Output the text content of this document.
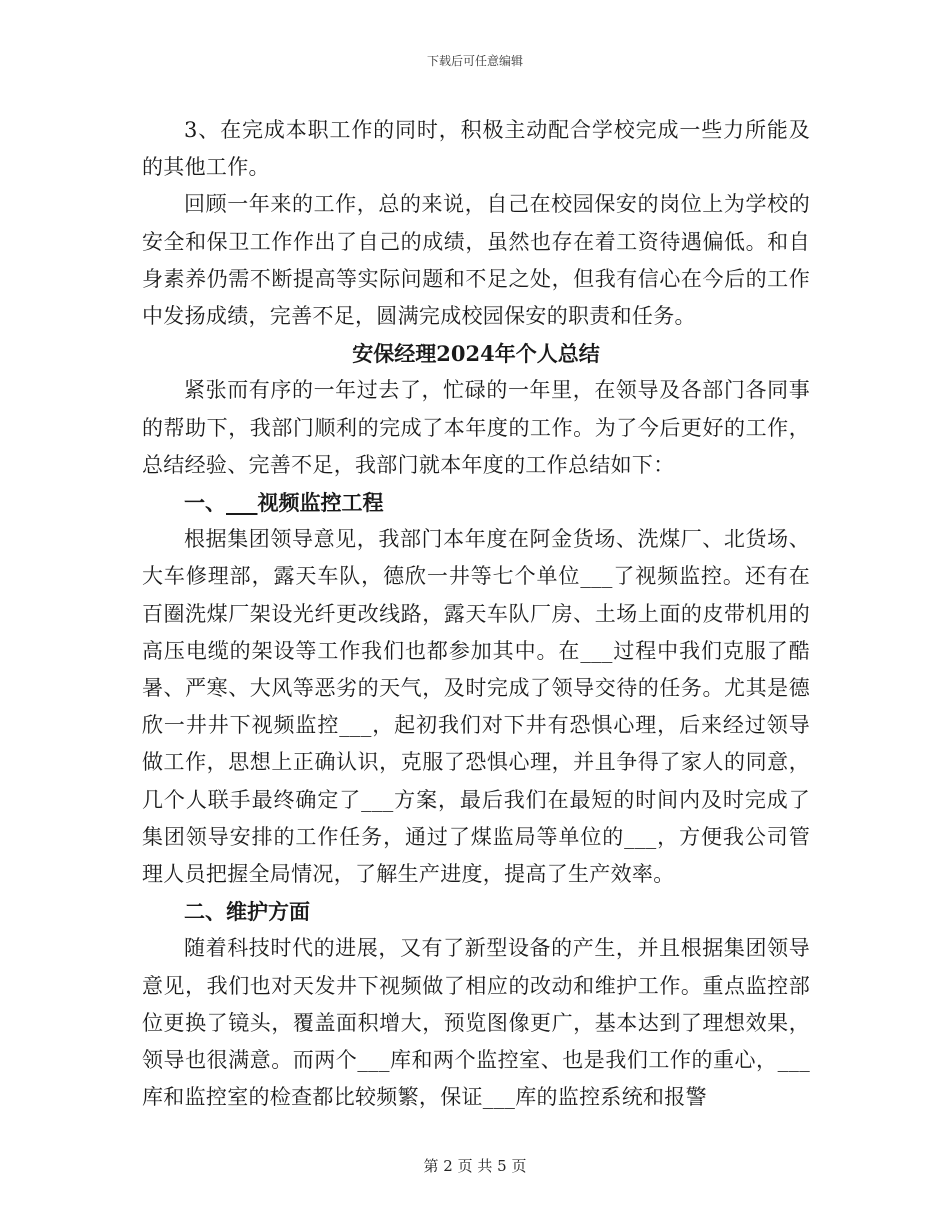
下载后可任意编辑

3、在完成本职工作的同时，积极主动配合学校完成一些力所能及的其他工作。

回顾一年来的工作，总的来说，自己在校园保安的岗位上为学校的安全和保卫工作作出了自己的成绩，虽然也存在着工资待遇偏低。和自身素养仍需不断提高等实际问题和不足之处，但我有信心在今后的工作中发扬成绩，完善不足，圆满完成校园保安的职责和任务。

安保经理2024年个人总结

紧张而有序的一年过去了，忙碌的一年里，在领导及各部门各同事的帮助下，我部门顺利的完成了本年度的工作。为了今后更好的工作，总结经验、完善不足，我部门就本年度的工作总结如下：

一、___视频监控工程

根据集团领导意见，我部门本年度在阿金货场、洗煤厂、北货场、大车修理部，露天车队，德欣一井等七个单位___了视频监控。还有在百圈洗煤厂架设光纤更改线路，露天车队厂房、土场上面的皮带机用的高压电缆的架设等工作我们也都参加其中。在___过程中我们克服了酷暑、严寒、大风等恶劣的天气，及时完成了领导交待的任务。尤其是德欣一井井下视频监控___，起初我们对下井有恐惧心理，后来经过领导做工作，思想上正确认识，克服了恐惧心理，并且争得了家人的同意，几个人联手最终确定了___方案，最后我们在最短的时间内及时完成了集团领导安排的工作任务，通过了煤监局等单位的___，方便我公司管理人员把握全局情况，了解生产进度，提高了生产效率。

二、维护方面

随着科技时代的进展，又有了新型设备的产生，并且根据集团领导意见，我们也对天发井下视频做了相应的改动和维护工作。重点监控部位更换了镜头，覆盖面积增大，预览图像更广，基本达到了理想效果，领导也很满意。而两个___库和两个监控室、也是我们工作的重心，___库和监控室的检查都比较频繁，保证___库的监控系统和报警

第 2 页 共 5 页
